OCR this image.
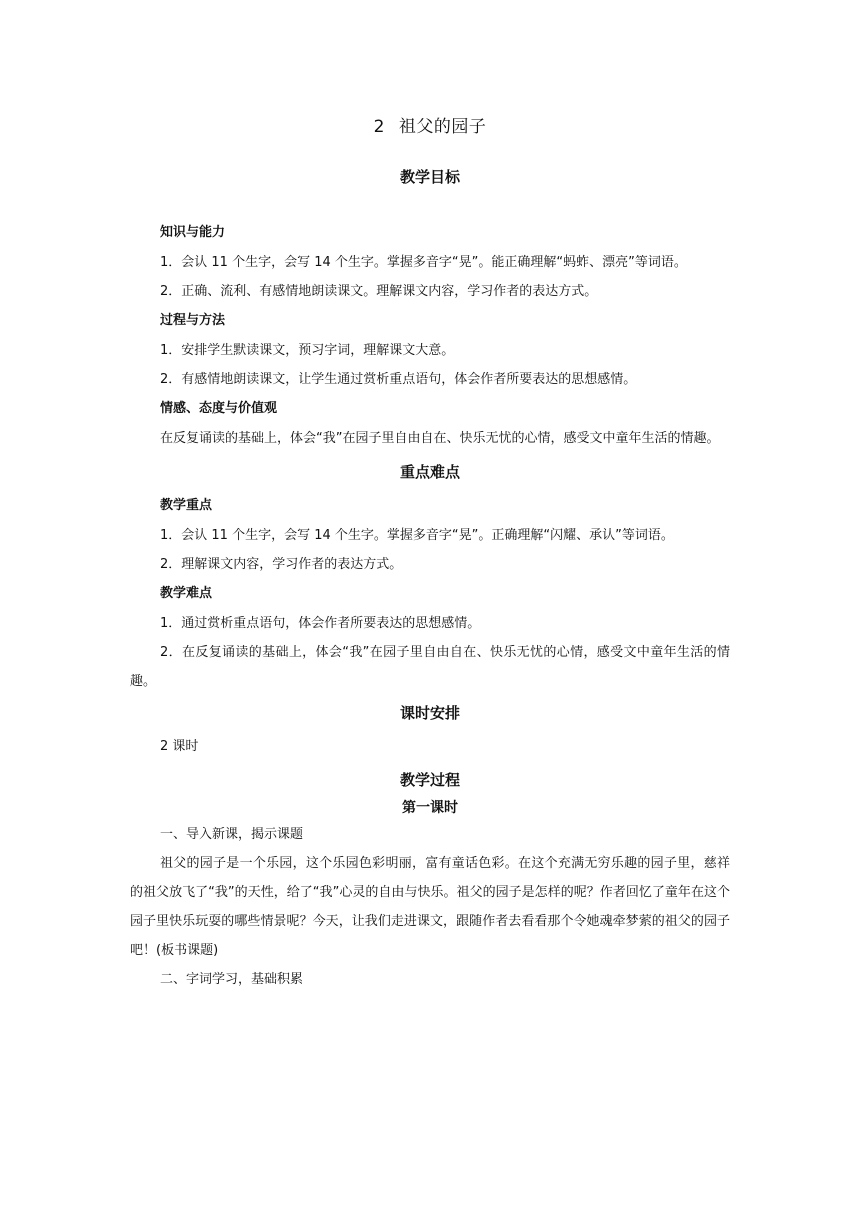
2 祖父的园子
教学目标
知识与能力

1．会认 11 个生字，会写 14 个生字。掌握多音字“晃”。能正确理解“蚂蚱、漂亮”等词语。

2．正确、流利、有感情地朗读课文。理解课文内容，学习作者的表达方式。

过程与方法

1．安排学生默读课文，预习字词，理解课文大意。

2．有感情地朗读课文，让学生通过赏析重点语句，体会作者所要表达的思想感情。

情感、态度与价值观

在反复诵读的基础上，体会“我”在园子里自由自在、快乐无忧的心情，感受文中童年生活的情趣。

重点难点
教学重点

1．会认 11 个生字，会写 14 个生字。掌握多音字“晃”。正确理解“闪耀、承认”等词语。

2．理解课文内容，学习作者的表达方式。

教学难点

1．通过赏析重点语句，体会作者所要表达的思想感情。

2．在反复诵读的基础上，体会“我”在园子里自由自在、快乐无忧的心情，感受文中童年生活的情趣。

课时安排

2 课时

教学过程
第一课时

一、导入新课，揭示课题

祖父的园子是一个乐园，这个乐园色彩明丽，富有童话色彩。在这个充满无穷乐趣的园子里，慈祥的祖父放飞了“我”的天性，给了“我”心灵的自由与快乐。祖父的园子是怎样的呢？作者回忆了童年在这个园子里快乐玩耍的哪些情景呢？今天，让我们走进课文，跟随作者去看看那个令她魂牵梦萦的祖父的园子吧！(板书课题)

二、字词学习，基础积累
